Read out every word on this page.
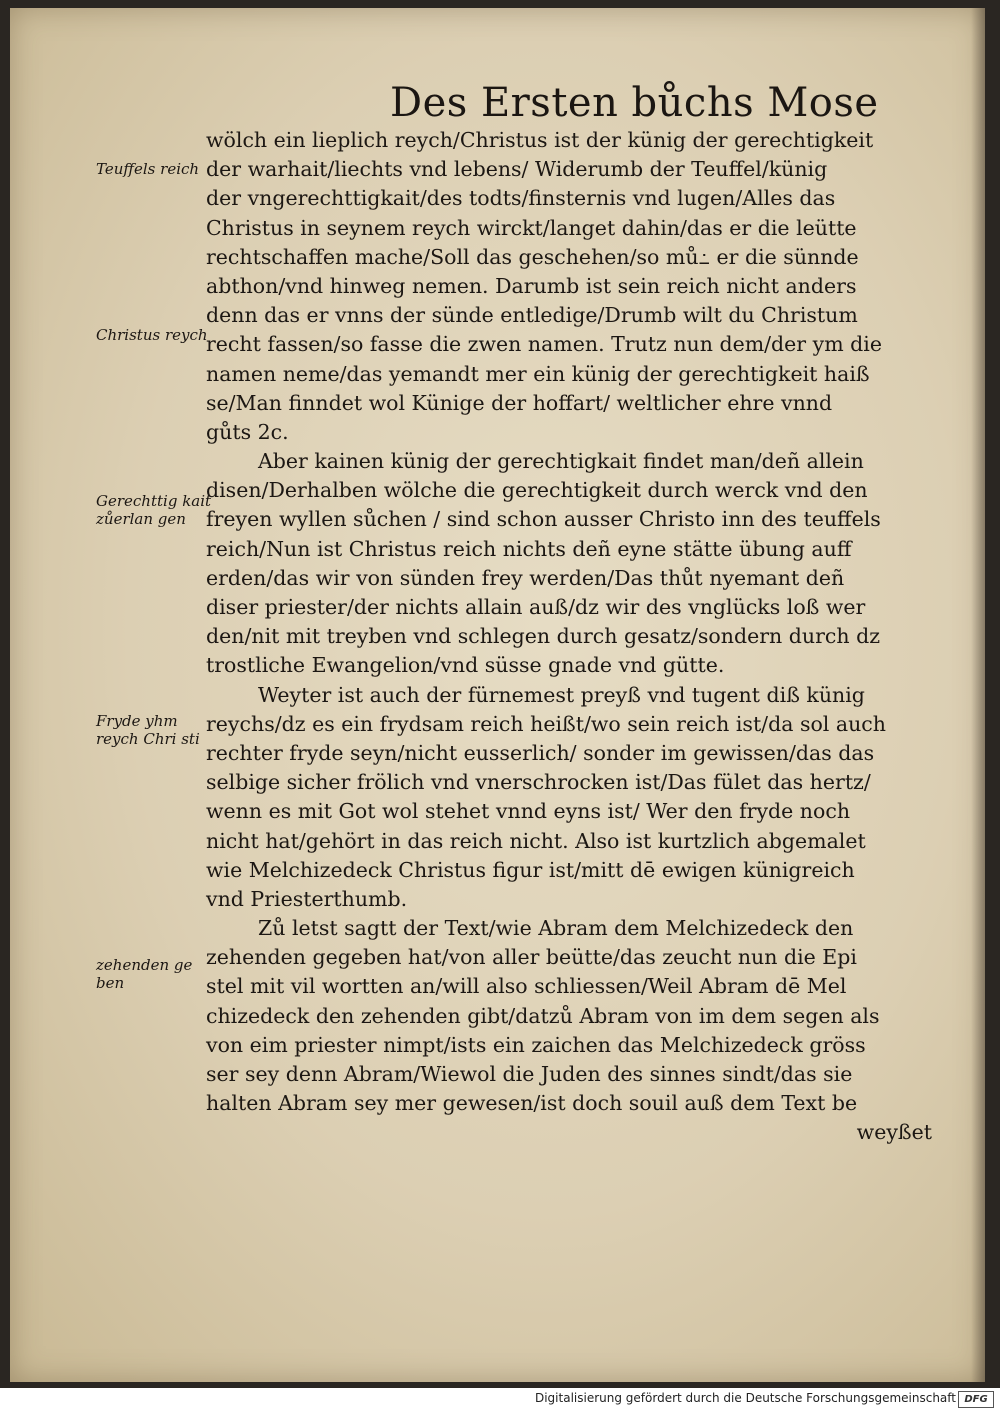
Des Ersten bůchs Mose
Teuffels reich
Christus reych
Gerechttig kait zůerlan gen
Fryde yhm reych Chri sti
zehenden ge ben
wölch ein lieplich reych/Christus ist der künig der gerechtigkeit
der warhait/liechts vnd lebens/ Widerumb der Teuffel/künig
der vngerechttigkait/des todts/finsternis vnd lugen/Alles das
Christus in seynem reych wirckt/langet dahin/das er die leütte
rechtschaffen mache/Soll das geschehen/so mů߸ er die sünnde
abthon/vnd hinweg nemen. Darumb ist sein reich nicht anders
denn das er vnns der sünde entledige/Drumb wilt du Christum
recht fassen/so fasse die zwen namen. Trutz nun dem/der ym die
namen neme/das yemandt mer ein künig der gerechtigkeit haiß
se/Man finndet wol Künige der hoffart/ weltlicher ehre vnnd
gůts 2c.
Aber kainen künig der gerechtigkait findet man/deñ allein
disen/Derhalben wölche die gerechtigkeit durch werck vnd den
freyen wyllen sůchen / sind schon ausser Christo inn des teuffels
reich/Nun ist Christus reich nichts deñ eyne stätte übung auff
erden/das wir von sünden frey werden/Das thůt nyemant deñ
diser priester/der nichts allain auß/dz wir des vnglücks loß wer
den/nit mit treyben vnd schlegen durch gesatz/sondern durch dz
trostliche Ewangelion/vnd süsse gnade vnd gütte.
Weyter ist auch der fürnemest preyß vnd tugent diß künig
reychs/dz es ein frydsam reich heißt/wo sein reich ist/da sol auch
rechter fryde seyn/nicht eusserlich/ sonder im gewissen/das das
selbige sicher frölich vnd vnerschrocken ist/Das fület das hertz/
wenn es mit Got wol stehet vnnd eyns ist/ Wer den fryde noch
nicht hat/gehört in das reich nicht. Also ist kurtzlich abgemalet
wie Melchizedeck Christus figur ist/mitt dē ewigen künigreich
vnd Priesterthumb.
Zů letst sagtt der Text/wie Abram dem Melchizedeck den
zehenden gegeben hat/von aller beütte/das zeucht nun die Epi
stel mit vil wortten an/will also schliessen/Weil Abram dē Mel
chizedeck den zehenden gibt/datzů Abram von im dem segen als
von eim priester nimpt/ists ein zaichen das Melchizedeck gröss
ser sey denn Abram/Wiewol die Juden des sinnes sindt/das sie
halten Abram sey mer gewesen/ist doch souil auß dem Text be
weyßet
Digitalisierung gefördert durch die Deutsche Forschungsgemeinschaft DFG
